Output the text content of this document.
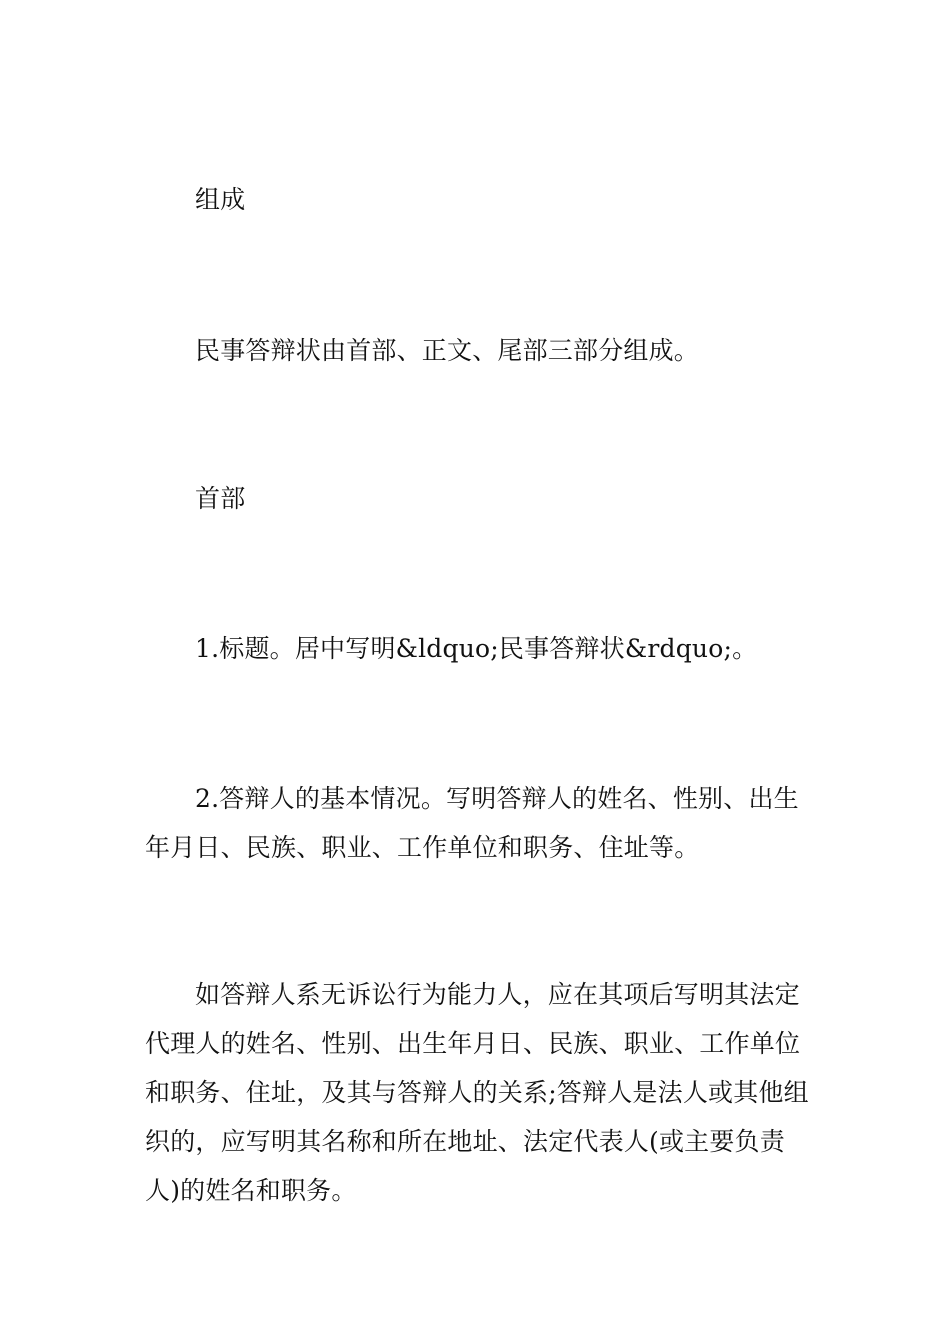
组成

民事答辩状由首部、正文、尾部三部分组成。

首部

1.标题。居中写明&ldquo;民事答辩状&rdquo;。

2.答辩人的基本情况。写明答辩人的姓名、性别、出生年月日、民族、职业、工作单位和职务、住址等。

如答辩人系无诉讼行为能力人，应在其项后写明其法定代理人的姓名、性别、出生年月日、民族、职业、工作单位和职务、住址，及其与答辩人的关系;答辩人是法人或其他组织的，应写明其名称和所在地址、法定代表人(或主要负责人)的姓名和职务。
